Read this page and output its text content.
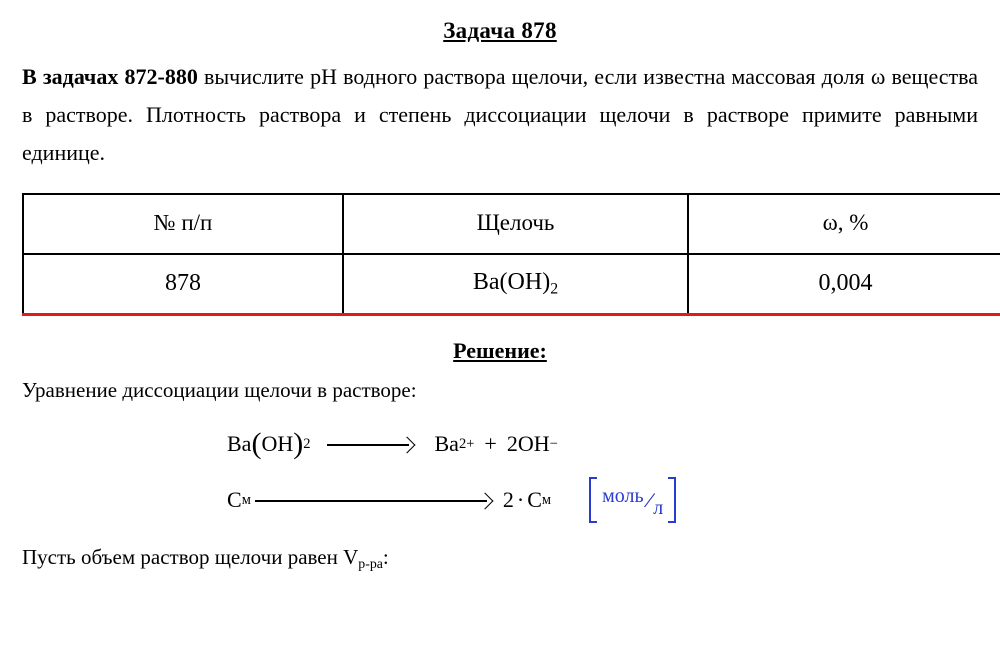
Задача 878

В задачах 872-880 вычислите pH водного раствора щелочи, если известна массовая доля ω вещества в растворе. Плотность раствора и степень диссоциации щелочи в растворе примите равными единице.

№ п/п	Щелочь	ω, %
878	$Ba(OH)_2$	0,004
Решение:
Уравнение диссоциации щелочи в растворе:
Ba ( OH ) 2	Ba 2+ + 2OH −
C м	2 · C м	моль/л
Пусть объем раствор щелочи равен $V_{р-ра}$:
